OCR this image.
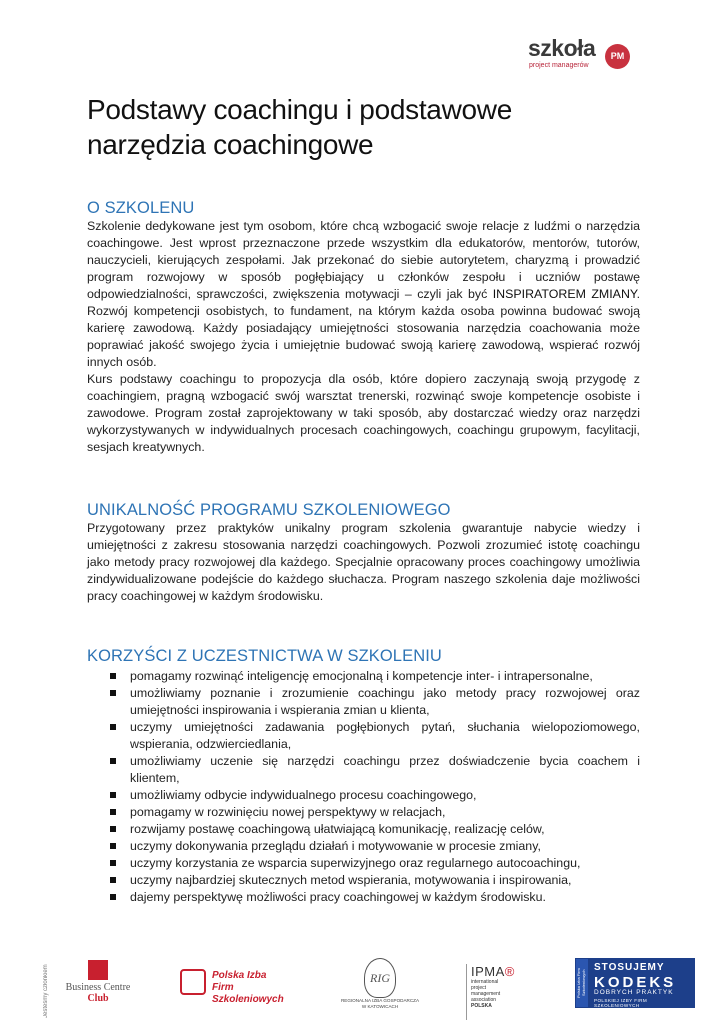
szkoła	PM
project managerów
Podstawy coachingu i podstawowe
narzędzia coachingowe
O SZKOLENU

Szkolenie dedykowane jest tym osobom, które chcą wzbogacić swoje relacje z ludźmi o narzędzia coachingowe. Jest wprost przeznaczone przede wszystkim dla edukatorów, mentorów, tutorów, nauczycieli, kierujących zespołami. Jak przekonać do siebie autorytetem, charyzmą i prowadzić program rozwojowy w sposób pogłębiający u członków zespołu i uczniów postawę odpowiedzialności, sprawczości, zwiększenia motywacji – czyli jak być INSPIRATOREM ZMIANY. Rozwój kompetencji osobistych, to fundament, na którym każda osoba powinna budować swoją karierę zawodową. Każdy posiadający umiejętności stosowania narzędzia coachowania może poprawiać jakość swojego życia i umiejętnie budować swoją karierę zawodową, wspierać rozwój innych osób.

Kurs podstawy coachingu to propozycja dla osób, które dopiero zaczynają swoją przygodę z coachingiem, pragną wzbogacić swój warsztat trenerski, rozwinąć swoje kompetencje osobiste i zawodowe. Program został zaprojektowany w taki sposób, aby dostarczać wiedzy oraz narzędzi wykorzystywanych w indywidualnych procesach coachingowych, coachingu grupowym, facylitacji, sesjach kreatywnych.

UNIKALNOŚĆ PROGRAMU SZKOLENIOWEGO

Przygotowany przez praktyków unikalny program szkolenia gwarantuje nabycie wiedzy i umiejętności z zakresu stosowania narzędzi coachingowych. Pozwoli zrozumieć istotę coachingu jako metody pracy rozwojowej dla każdego. Specjalnie opracowany proces coachingowy umożliwia zindywidualizowane podejście do każdego słuchacza. Program naszego szkolenia daje możliwości pracy coachingowej w każdym środowisku.

KORZYŚCI Z UCZESTNICTWA W SZKOLENIU
pomagamy rozwinąć inteligencję emocjonalną i kompetencje inter- i intrapersonalne,
umożliwiamy poznanie i zrozumienie coachingu jako metody pracy rozwojowej oraz umiejętności inspirowania i wspierania zmian u klienta,
uczymy umiejętności zadawania pogłębionych pytań, słuchania wielopoziomowego, wspierania, odzwierciedlania,
umożliwiamy uczenie się narzędzi coachingu przez doświadczenie bycia coachem i klientem,
umożliwiamy odbycie indywidualnego procesu coachingowego,
pomagamy w rozwinięciu nowej perspektywy w relacjach,
rozwijamy postawę coachingową ułatwiającą komunikację, realizację celów,
uczymy dokonywania przeglądu działań i motywowanie w procesie zmiany,
uczymy korzystania ze wsparcia superwizyjnego oraz regularnego autocoachingu,
uczymy najbardziej skutecznych metod wspierania, motywowania i inspirowania,
dajemy perspektywę możliwości pracy coachingowej w każdym środowisku.
Jesteśmy członkiem	Business Centre
Club
Polska Izba
Firm Szkoleniowych
RIG
REGIONALNA IZBA GOSPODARCZA
W KATOWICACH
IPMA®
international
project
management
association
POLSKA
Polska Izba Firm Szkoleniowych
STOSUJEMY
KODEKS
DOBRYCH PRAKTYK
POLSKIEJ IZBY FIRM SZKOLENIOWYCH
